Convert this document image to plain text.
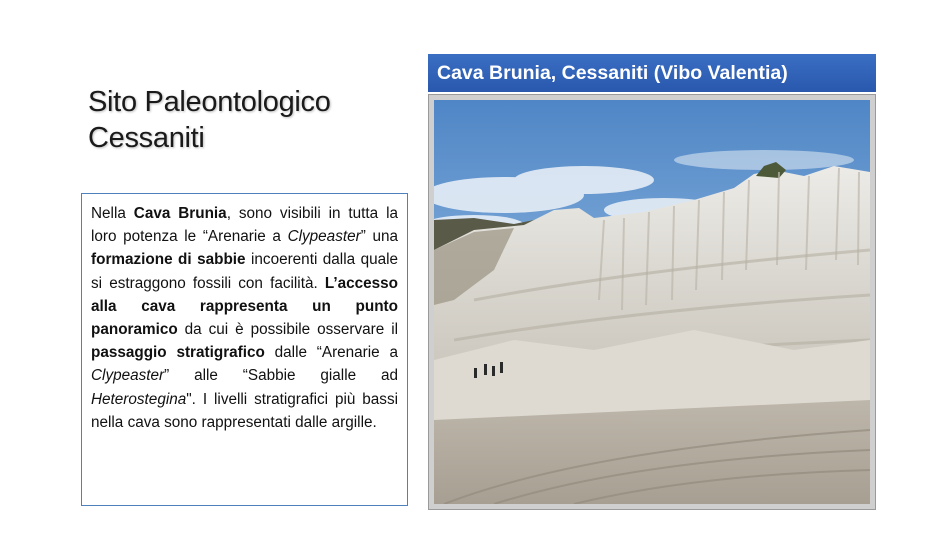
Sito Paleontologico
Cessaniti

Nella Cava Brunia, sono visibili in tutta la loro potenza le “Arenarie a Clypeaster” una formazione di sabbie incoerenti dalla quale si estraggono fossili con facilità. L’accesso alla cava rappresenta un punto panoramico da cui è possibile osservare il passaggio stratigrafico dalle “Arenarie a Clypeaster” alle “Sabbie gialle ad Heterostegina". I livelli stratigrafici più bassi nella cava sono rappresentati dalle argille.

Cava Brunia, Cessaniti (Vibo Valentia)
